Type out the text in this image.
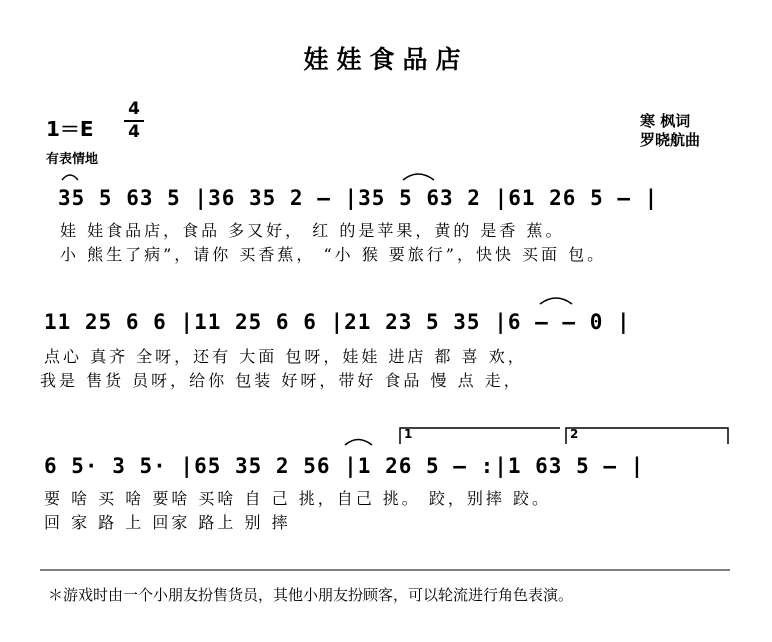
娃娃食品店
1＝E
4
4
寒 枫词
罗晓航曲
有表情地
35 5 63 5 |36 35 2 – |35 5 63 2 |61 26 5 – |
娃 娃食品店，食品 多又好， 红 的是苹果，黄的 是香 蕉。
小 熊生了病”，请你 买香蕉， “小 猴 要旅行”，快快 买面 包。
11 25 6 6 |11 25 6 6 |21 23 5 35 |6 – – 0 |
点心 真齐 全呀，还有 大面 包呀，娃娃 进店 都 喜 欢，
我是 售货 员呀，给你 包装 好呀，带好 食品 慢 点 走，
6 5· 3 5· |65 35 2 56 |1 26 5 – :|1 63 5 – |
要 啥 买 啥 要啥 买啥 自 己 挑，自己 挑。 跤，别摔 跤。
回 家 路 上 回家 路上 别 摔
1	2
＊游戏时由一个小朋友扮售货员，其他小朋友扮顾客，可以轮流进行角色表演。
